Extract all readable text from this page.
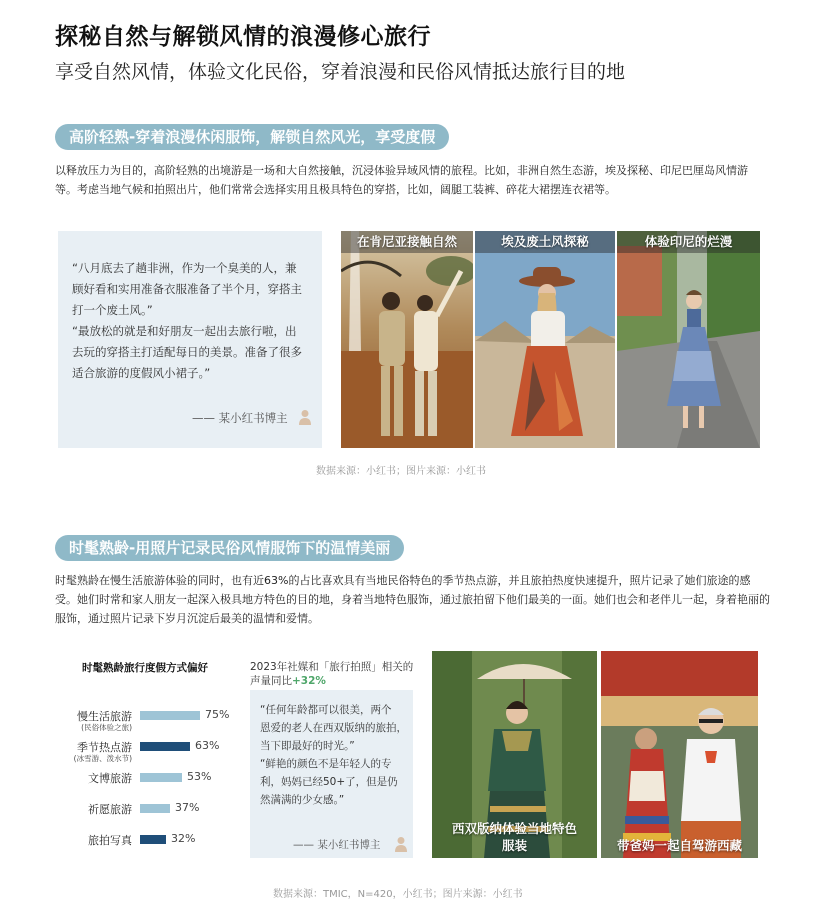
探秘自然与解锁风情的浪漫修心旅行
享受自然风情，体验文化民俗，穿着浪漫和民俗风情抵达旅行目的地
高阶轻熟-穿着浪漫休闲服饰，解锁自然风光，享受度假
以释放压力为目的，高阶轻熟的出境游是一场和大自然接触，沉浸体验异域风情的旅程。比如，非洲自然生态游，埃及探秘、印尼巴厘岛风情游等。考虑当地气候和拍照出片，他们常常会选择实用且极具特色的穿搭，比如，阔腿工装裤、碎花大裙摆连衣裙等。
“八月底去了趟非洲，作为一个臭美的人，兼
顾好看和实用准备衣服准备了半个月，穿搭主
打一个废土风。”
“最放松的就是和好朋友一起出去旅行啦，出
去玩的穿搭主打适配每日的美景。准备了很多
适合旅游的度假风小裙子。”
—— 某小红书博主
在肯尼亚接触自然	埃及废土风探秘	体验印尼的烂漫
数据来源：小红书；图片来源：小红书
时髦熟龄-用照片记录民俗风情服饰下的温情美丽
时髦熟龄在慢生活旅游体验的同时，也有近63%的占比喜欢具有当地民俗特色的季节热点游，并且旅拍热度快速提升，照片记录了她们旅途的感受。她们时常和家人朋友一起深入极具地方特色的目的地，身着当地特色服饰，通过旅拍留下他们最美的一面。她们也会和老伴儿一起，身着艳丽的服饰，通过照片记录下岁月沉淀后最美的温情和爱情。
时髦熟龄旅行度假方式偏好
慢生活旅游
(民俗体验之旅)
75%
季节热点游
(冰雪游、泼水节)
63%
文博旅游	53%
祈愿旅游	37%
旅拍写真	32%
2023年社媒和「旅行拍照」相关的声量同比+32%
“任何年龄都可以很美，两个
恩爱的老人在西双版纳的旅拍，
当下即最好的时光。”
“鲜艳的颜色不是年轻人的专
利，妈妈已经50+了，但是仍
然满满的少女感。”
—— 某小红书博主
西双版纳体验当地特色
服装	带爸妈一起自驾游西藏
数据来源：TMIC，N=420，小红书；图片来源：小红书
